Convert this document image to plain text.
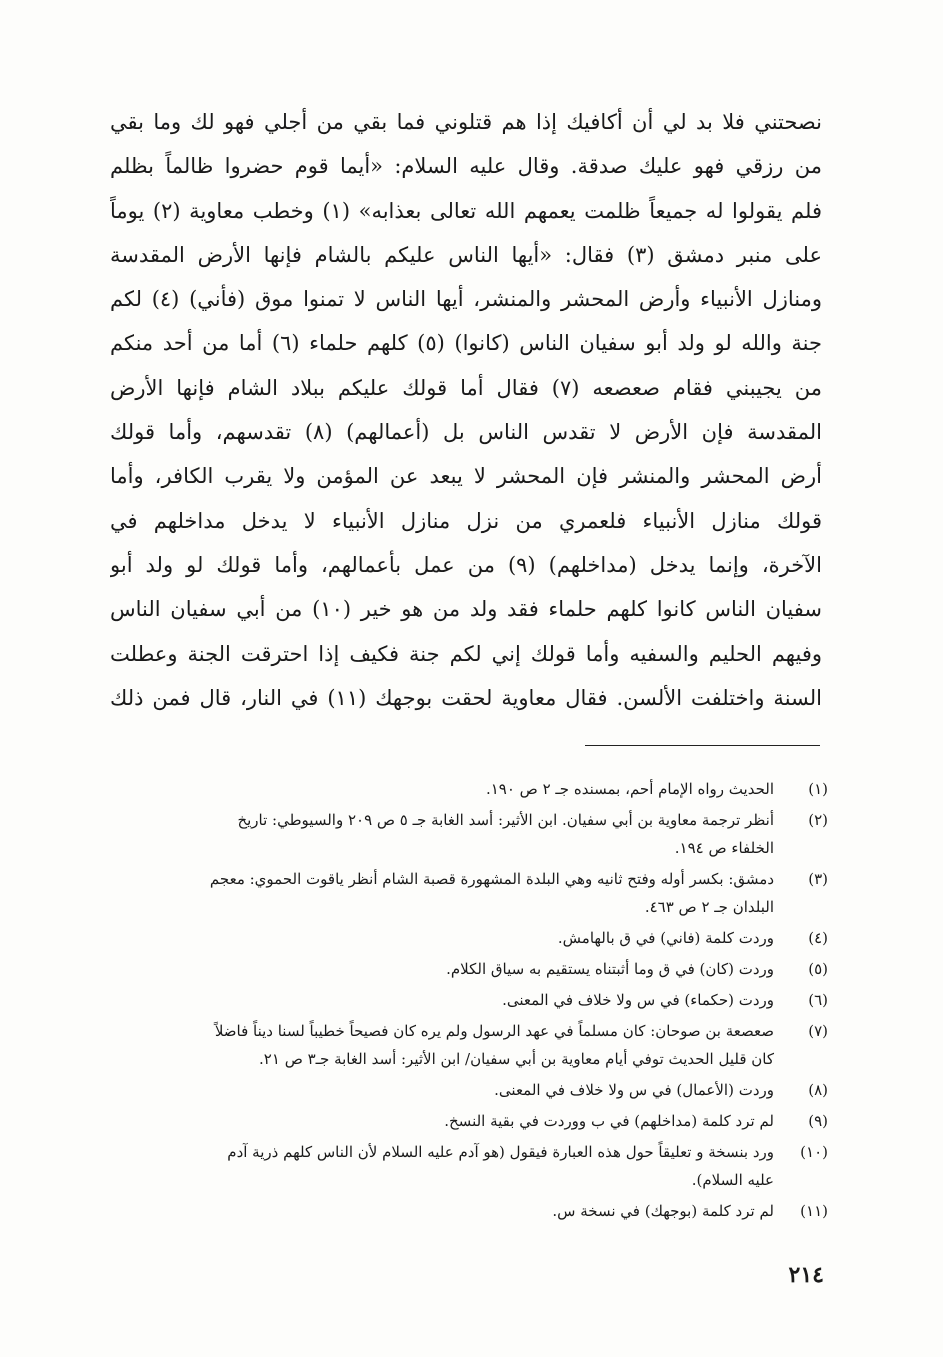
نصحتني فلا بد لي أن أكافيك إذا هم قتلوني فما بقي من أجلي فهو لك وما بقي
من رزقي فهو عليك صدقة. وقال عليه السلام: «أيما قوم حضروا ظالماً بظلم
فلم يقولوا له جميعاً ظلمت يعمهم الله تعالى بعذابه» (١) وخطب معاوية (٢) يوماً
على منبر دمشق (٣) فقال: «أيها الناس عليكم بالشام فإنها الأرض المقدسة
ومنازل الأنبياء وأرض المحشر والمنشر، أيها الناس لا تمنوا موق (فأني) (٤) لكم
جنة والله لو ولد أبو سفيان الناس (كانوا) (٥) كلهم حلماء (٦) أما من أحد منكم
من يجيبني فقام صعصعه (٧) فقال أما قولك عليكم ببلاد الشام فإنها الأرض
المقدسة فإن الأرض لا تقدس الناس بل (أعمالهم) (٨) تقدسهم، وأما قولك
أرض المحشر والمنشر فإن المحشر لا يبعد عن المؤمن ولا يقرب الكافر، وأما
قولك منازل الأنبياء فلعمري من نزل منازل الأنبياء لا يدخل مداخلهم في
الآخرة، وإنما يدخل (مداخلهم) (٩) من عمل بأعمالهم، وأما قولك لو ولد أبو
سفيان الناس كانوا كلهم حلماء فقد ولد من هو خير (١٠) من أبي سفيان الناس
وفيهم الحليم والسفيه وأما قولك إني لكم جنة فكيف إذا احترقت الجنة وعطلت
السنة واختلفت الألسن. فقال معاوية لحقت بوجهك (١١) في النار، قال فمن ذلك
(١)
الحديث رواه الإمام أحم، بمسنده جـ ٢ ص ١٩٠.
(٢)
أنظر ترجمة معاوية بن أبي سفيان. ابن الأثير: أسد الغابة جـ ٥ ص ٢٠٩ والسيوطي: تاريخ
الخلفاء ص ١٩٤.
(٣)
دمشق: بكسر أوله وفتح ثانيه وهي البلدة المشهورة قصبة الشام أنظر ياقوت الحموي: معجم
البلدان جـ ٢ ص ٤٦٣.
(٤)
وردت كلمة (فاني) في ق بالهامش.
(٥)
وردت (كان) في ق وما أثبتناه يستقيم به سياق الكلام.
(٦)
وردت (حكماء) في س ولا خلاف في المعنى.
(٧)
صعصعة بن صوحان: كان مسلماً في عهد الرسول ولم يره كان فصيحاً خطيباً لسنا ديناً فاضلاً
كان قليل الحديث توفي أيام معاوية بن أبي سفيان/ ابن الأثير: أسد الغابة جـ٣ ص ٢١.
(٨)
وردت (الأعمال) في س ولا خلاف في المعنى.
(٩)
لم ترد كلمة (مداخلهم) في ب ووردت في بقية النسخ.
(١٠)
ورد بنسخة و تعليقاً حول هذه العبارة فيقول (هو آدم عليه السلام لأن الناس كلهم ذرية آدم
عليه السلام).
(١١)
لم ترد كلمة (بوجهك) في نسخة س.
٢١٤
